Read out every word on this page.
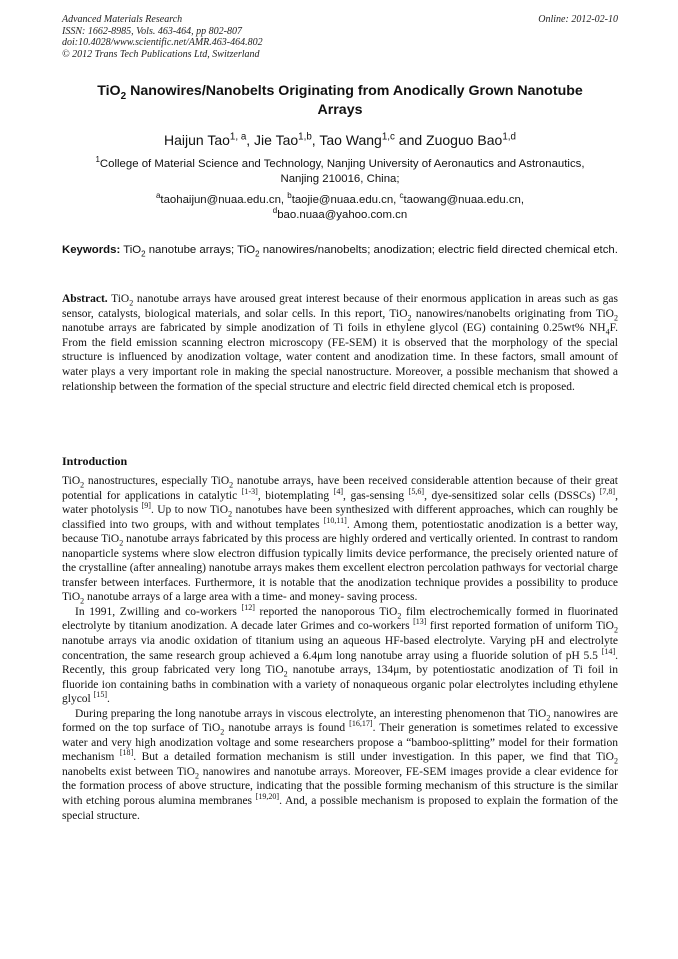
Advanced Materials Research
ISSN: 1662-8985, Vols. 463-464, pp 802-807
doi:10.4028/www.scientific.net/AMR.463-464.802
© 2012 Trans Tech Publications Ltd, Switzerland
Online: 2012-02-10
TiO$_2$ Nanowires/Nanobelts Originating from Anodically Grown Nanotube
Arrays
Haijun Tao$^{1, a}$, Jie Tao$^{1,b}$, Tao Wang$^{1,c}$ and Zuoguo Bao$^{1,d}$
$^1$College of Material Science and Technology, Nanjing University of Aeronautics and Astronautics,
Nanjing 210016, China;
$^a$taohaijun@nuaa.edu.cn, $^b$taojie@nuaa.edu.cn, $^c$taowang@nuaa.edu.cn,
$^d$bao.nuaa@yahoo.com.cn
Keywords: TiO$_2$ nanotube arrays; TiO$_2$ nanowires/nanobelts; anodization; electric field directed chemical etch.
Abstract. TiO$_2$ nanotube arrays have aroused great interest because of their enormous application in areas such as gas sensor, catalysts, biological materials, and solar cells. In this report, TiO$_2$ nanowires/nanobelts originating from TiO$_2$ nanotube arrays are fabricated by simple anodization of Ti foils in ethylene glycol (EG) containing 0.25wt% $NH_4F$. From the field emission scanning electron microscopy (FE-SEM) it is observed that the morphology of the special structure is influenced by anodization voltage, water content and anodization time. In these factors, small amount of water plays a very important role in making the special nanostructure. Moreover, a possible mechanism that showed a relationship between the formation of the special structure and electric field directed chemical etch is proposed.
Introduction

TiO$_2$ nanostructures, especially TiO$_2$ nanotube arrays, have been received considerable attention because of their great potential for applications in catalytic [1-3], biotemplating [4], gas-sensing [5,6], dye-sensitized solar cells (DSSCs) [7,8], water photolysis [9]. Up to now TiO$_2$ nanotubes have been synthesized with different approaches, which can roughly be classified into two groups, with and without templates [10,11]. Among them, potentiostatic anodization is a better way, because TiO$_2$ nanotube arrays fabricated by this process are highly ordered and vertically oriented. In contrast to random nanoparticle systems where slow electron diffusion typically limits device performance, the precisely oriented nature of the crystalline (after annealing) nanotube arrays makes them excellent electron percolation pathways for vectorial charge transfer between interfaces. Furthermore, it is notable that the anodization technique provides a possibility to produce TiO$_2$ nanotube arrays of a large area with a time- and money- saving process.

In 1991, Zwilling and co-workers [12] reported the nanoporous TiO$_2$ film electrochemically formed in fluorinated electrolyte by titanium anodization. A decade later Grimes and co-workers [13] first reported formation of uniform TiO$_2$ nanotube arrays via anodic oxidation of titanium using an aqueous HF-based electrolyte. Varying pH and electrolyte concentration, the same research group achieved a 6.4μm long nanotube array using a fluoride solution of pH 5.5 [14]. Recently, this group fabricated very long TiO$_2$ nanotube arrays, 134μm, by potentiostatic anodization of Ti foil in fluoride ion containing baths in combination with a variety of nonaqueous organic polar electrolytes including ethylene glycol [15].

During preparing the long nanotube arrays in viscous electrolyte, an interesting phenomenon that TiO$_2$ nanowires are formed on the top surface of TiO$_2$ nanotube arrays is found [16,17]. Their generation is sometimes related to excessive water and very high anodization voltage and some researchers propose a “bamboo-splitting” model for their formation mechanism [18]. But a detailed formation mechanism is still under investigation. In this paper, we find that TiO$_2$ nanobelts exist between TiO$_2$ nanowires and nanotube arrays. Moreover, FE-SEM images provide a clear evidence for the formation process of above structure, indicating that the possible forming mechanism of this structure is the similar with etching porous alumina membranes [19,20]. And, a possible mechanism is proposed to explain the formation of the special structure.
